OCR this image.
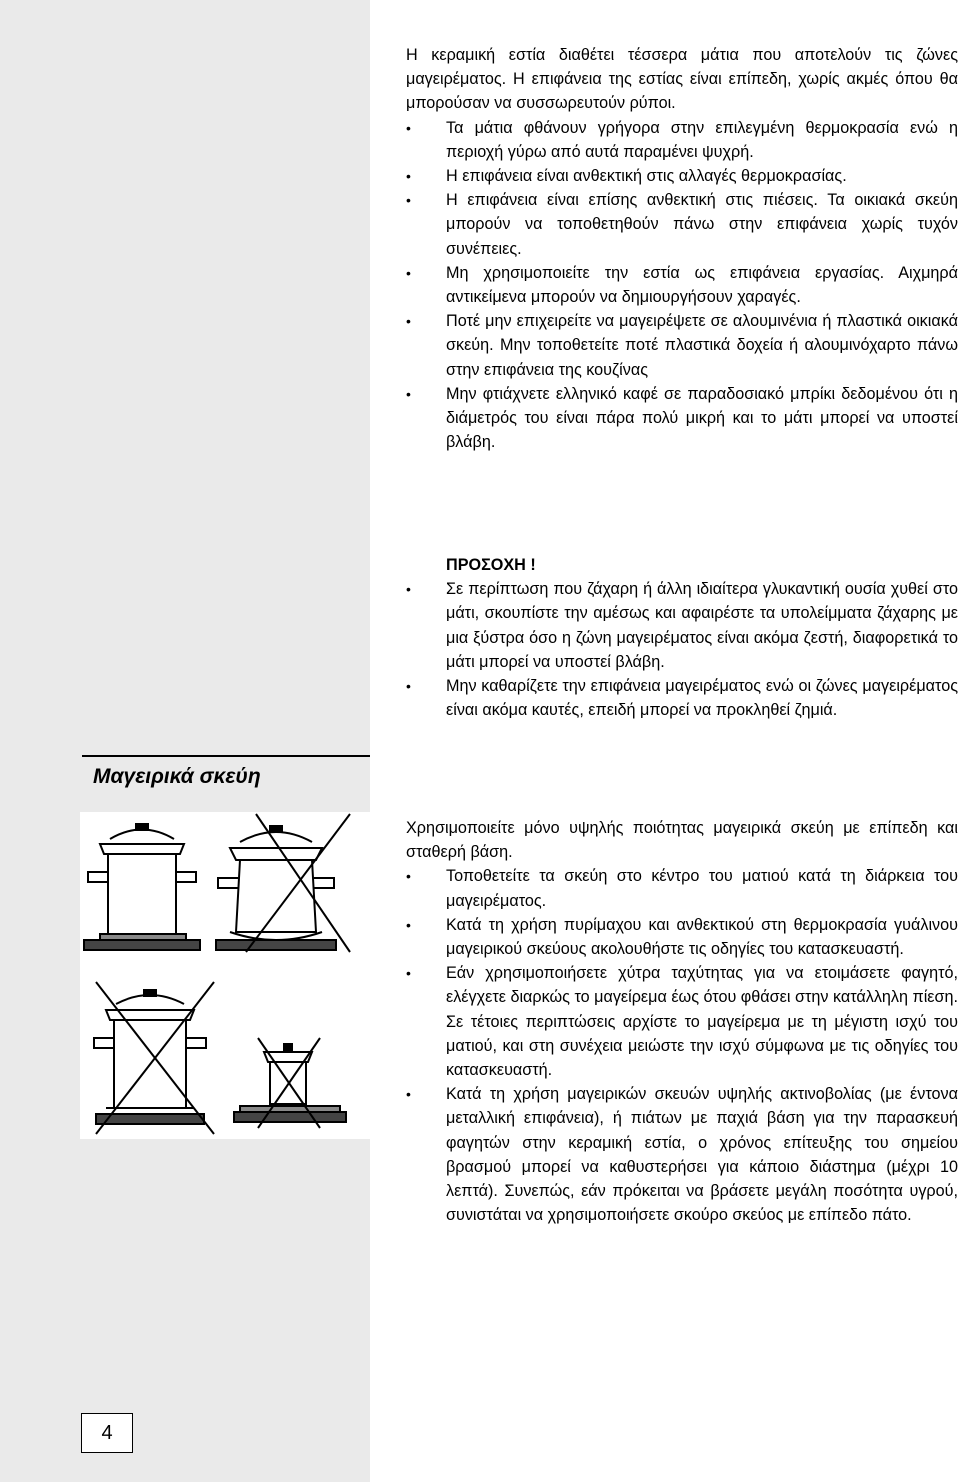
Η κεραμική εστία διαθέτει τέσσερα μάτια που αποτελούν τις ζώνες μαγειρέματος. Η επιφάνεια της εστίας είναι επίπεδη, χωρίς ακμές όπου θα μπορούσαν να συσσωρευτούν ρύποι.

• Τα μάτια φθάνουν γρήγορα στην επιλεγμένη θερμοκρασία ενώ η περιοχή γύρω από αυτά παραμένει ψυχρή.
• Η επιφάνεια είναι ανθεκτική στις αλλαγές θερμοκρασίας.
• Η επιφάνεια είναι επίσης ανθεκτική στις πιέσεις. Τα οικιακά σκεύη μπορούν να τοποθετηθούν πάνω στην επιφάνεια χωρίς τυχόν συνέπειες.
• Μη χρησιμοποιείτε την εστία ως επιφάνεια εργασίας. Αιχμηρά αντικείμενα μπορούν να δημιουργήσουν χαραγές.
• Ποτέ μην επιχειρείτε να μαγειρέψετε σε αλουμινένια ή πλαστικά οικιακά σκεύη. Μην τοποθετείτε ποτέ πλαστικά δοχεία ή αλουμινόχαρτο πάνω στην επιφάνεια της κουζίνας
• Μην φτιάχνετε ελληνικό καφέ σε παραδοσιακό μπρίκι δεδομένου ότι η διάμετρός του είναι πάρα πολύ μικρή και το μάτι μπορεί να υποστεί βλάβη.
ΠΡΟΣΟΧΗ !
• Σε περίπτωση που ζάχαρη ή άλλη ιδιαίτερα γλυκαντική ουσία χυθεί στο μάτι, σκουπίστε την αμέσως και αφαιρέστε τα υπολείμματα ζάχαρης με μια ξύστρα όσο η ζώνη μαγειρέματος είναι ακόμα ζεστή, διαφορετικά το μάτι μπορεί να υποστεί βλάβη.
• Μην καθαρίζετε την επιφάνεια μαγειρέματος ενώ οι ζώνες μαγειρέματος είναι ακόμα καυτές, επειδή μπορεί να προκληθεί ζημιά.
Μαγειρικά σκεύη

Χρησιμοποιείτε μόνο υψηλής ποιότητας μαγειρικά σκεύη με επίπεδη και σταθερή βάση.

• Τοποθετείτε τα σκεύη στο κέντρο του ματιού κατά τη διάρκεια του μαγειρέματος.
• Κατά τη χρήση πυρίμαχου και ανθεκτικού στη θερμοκρασία γυάλινου μαγειρικού σκεύους ακολουθήστε τις οδηγίες του κατασκευαστή.
• Εάν χρησιμοποιήσετε χύτρα ταχύτητας για να ετοιμάσετε φαγητό, ελέγχετε διαρκώς το μαγείρεμα έως ότου φθάσει στην κατάλληλη πίεση. Σε τέτοιες περιπτώσεις αρχίστε το μαγείρεμα με τη μέγιστη ισχύ του ματιού, και στη συνέχεια μειώστε την ισχύ σύμφωνα με τις οδηγίες του κατασκευαστή.
• Κατά τη χρήση μαγειρικών σκευών υψηλής ακτινοβολίας (με έντονα μεταλλική επιφάνεια), ή πιάτων με παχιά βάση για την παρασκευή φαγητών στην κεραμική εστία, ο χρόνος επίτευξης του σημείου βρασμού μπορεί να καθυστερήσει για κάποιο διάστημα (μέχρι 10 λεπτά). Συνεπώς, εάν πρόκειται να βράσετε μεγάλη ποσότητα υγρού, συνιστάται να χρησιμοποιήσετε σκούρο σκεύος με επίπεδο πάτο.
4
